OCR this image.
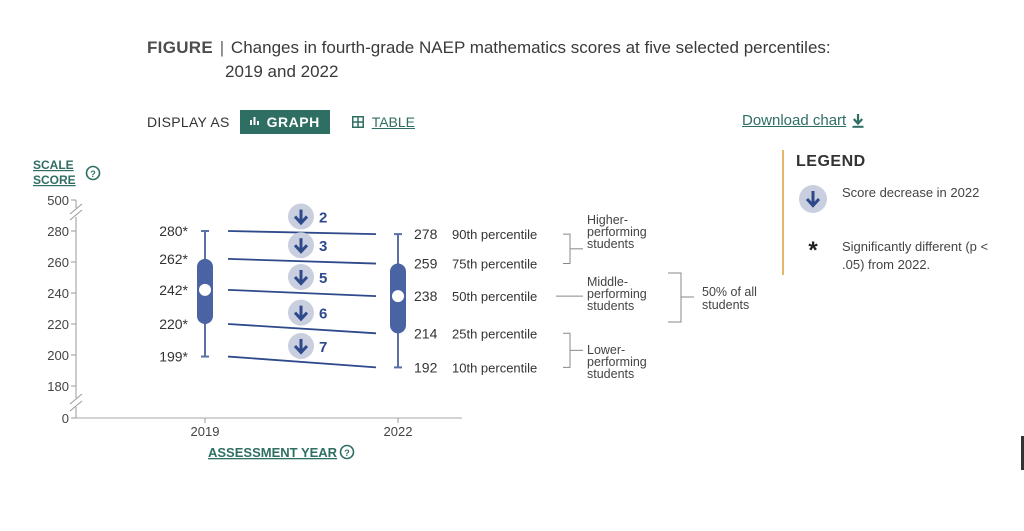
FIGURE | Changes in fourth-grade NAEP mathematics scores at five selected percentiles:
2019 and 2022
DISPLAY AS	GRAPH	TABLE	Download chart
LEGEND
Score decrease in 2022
* Significantly different (p < .05) from 2022.
SCALE
SCORE ?
0
180
200
220
240
260
280
500
2019	2022
ASSESSMENT YEAR ?
280*	278 90th percentile
2
262*	259 75th percentile
3
242*	238 50th percentile
5
220*
214 25th percentile
6
199*
192 10th percentile
7
Higher-
performing
students
Middle-
performing
students
Lower-
performing
students
50% of all
students
